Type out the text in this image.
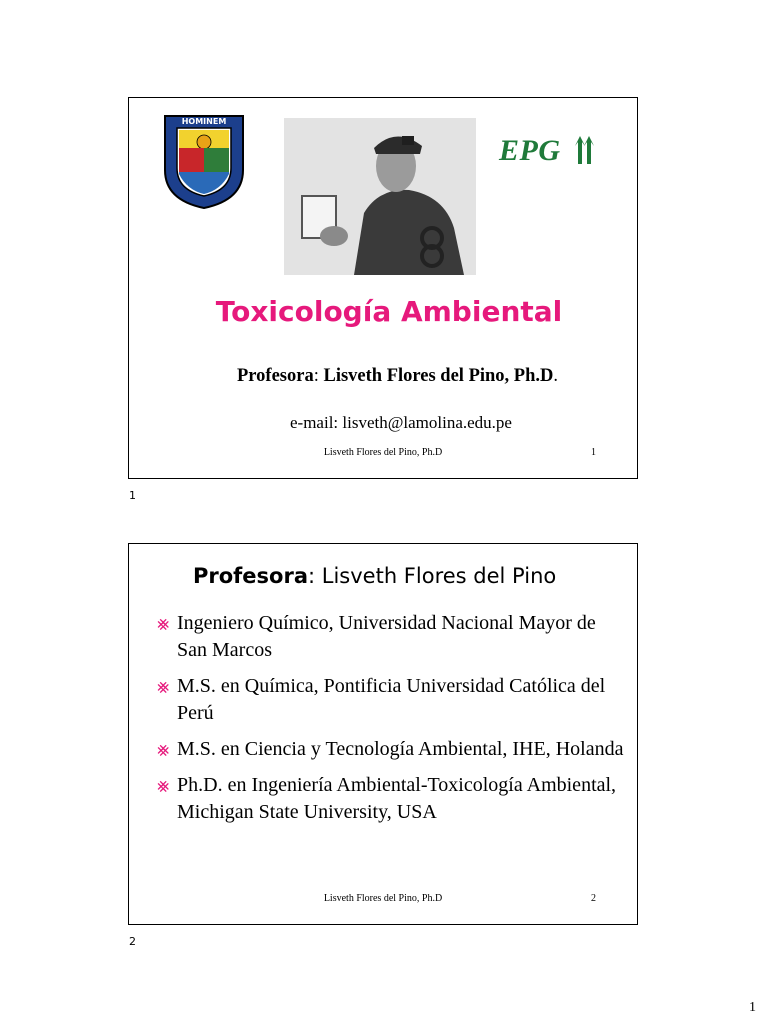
HOMINEM
EPG
Toxicología Ambiental
Profesora: Lisveth Flores del Pino, Ph.D.
e-mail: lisveth@lamolina.edu.pe
Lisveth Flores del Pino, Ph.D	1
1
Profesora: Lisveth Flores del Pino
⨳ Ingeniero Químico, Universidad Nacional Mayor de San Marcos
⨳ M.S. en Química, Pontificia Universidad Católica del Perú
⨳ M.S. en Ciencia y Tecnología Ambiental, IHE, Holanda
⨳ Ph.D. en Ingeniería Ambiental-Toxicología Ambiental, Michigan State University, USA
Lisveth Flores del Pino, Ph.D	2
2
1
